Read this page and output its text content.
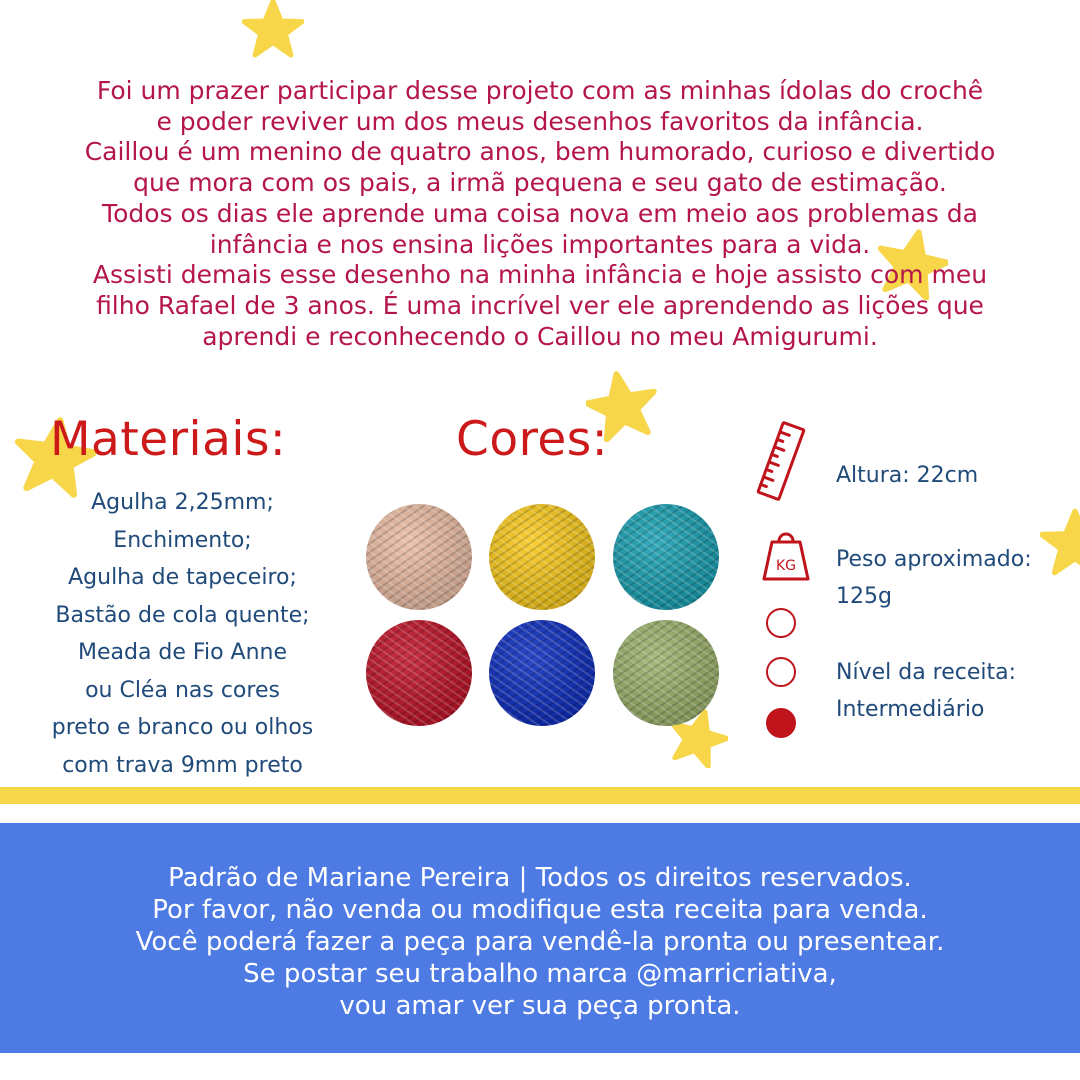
Foi um prazer participar desse projeto com as minhas ídolas do crochê

e poder reviver um dos meus desenhos favoritos da infância.

Caillou é um menino de quatro anos, bem humorado, curioso e divertido

que mora com os pais, a irmã pequena e seu gato de estimação.

Todos os dias ele aprende uma coisa nova em meio aos problemas da

infância e nos ensina lições importantes para a vida.

Assisti demais esse desenho na minha infância e hoje assisto com meu

filho Rafael de 3 anos. É uma incrível ver ele aprendendo as lições que

aprendi e reconhecendo o Caillou no meu Amigurumi.

Materiais:
Agulha 2,25mm;
Enchimento;
Agulha de tapeceiro;
Bastão de cola quente;
Meada de Fio Anne
ou Cléa nas cores
preto e branco ou olhos
com trava 9mm preto
Cores:
Altura: 22cm
KG Peso aproximado:
125g
Nível da receita:
Intermediário
Padrão de Mariane Pereira | Todos os direitos reservados.
Por favor, não venda ou modifique esta receita para venda.
Você poderá fazer a peça para vendê-la pronta ou presentear.
Se postar seu trabalho marca @marricriativa,
vou amar ver sua peça pronta.
